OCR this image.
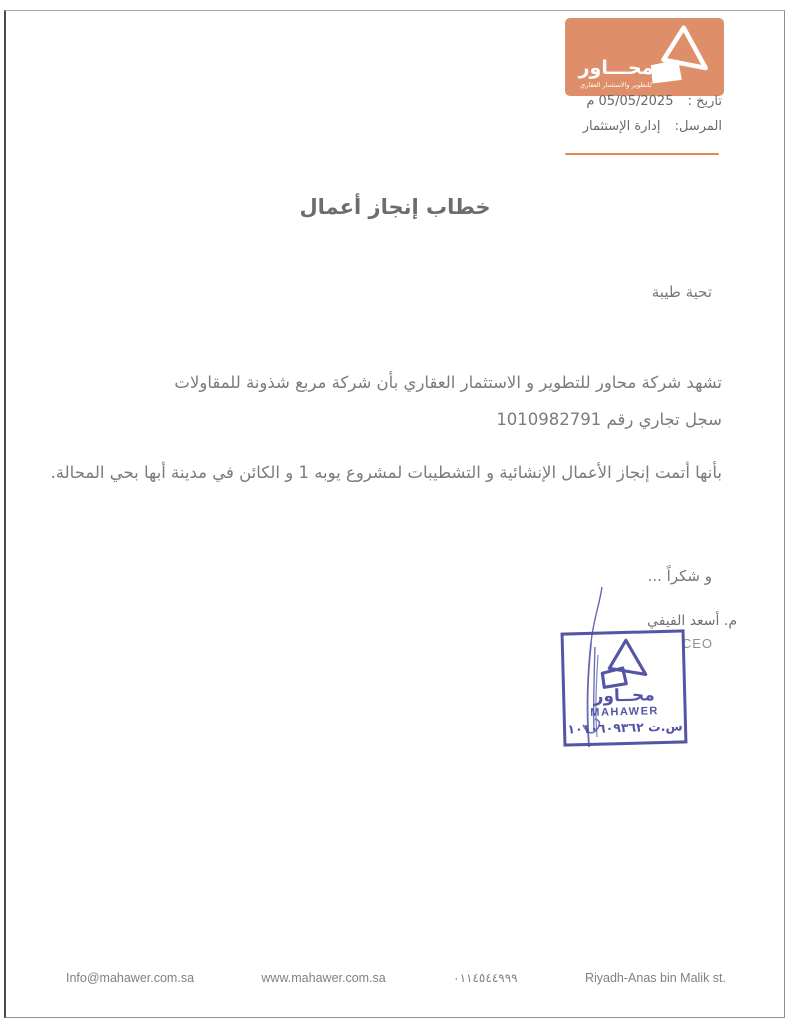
محـــاور
للتطوير والاستثمار العقاري
تاريخ : 05/05/2025 م
المرسل: إدارة الإستثمار
خطاب إنجاز أعمال
تحية طيبة
تشهد شركة محاور للتطوير و الاستثمار العقاري بأن شركة مربع شذونة للمقاولات
سجل تجاري رقم 1010982791
بأنها أتمت إنجاز الأعمال الإنشائية و التشطيبات لمشروع يوبه 1 و الكائن في مدينة أبها بحي المحالة.
و شكراً ...
م. أسعد الفيفي
CEO
محــاور
MAHAWER
س.ت ١٠١٠٦٠٩٣٦٢
Info@mahawer.com.sa	www.mahawer.com.sa	٠١١٤٥٤٤٩٩٩	Riyadh-Anas bin Malik st.
